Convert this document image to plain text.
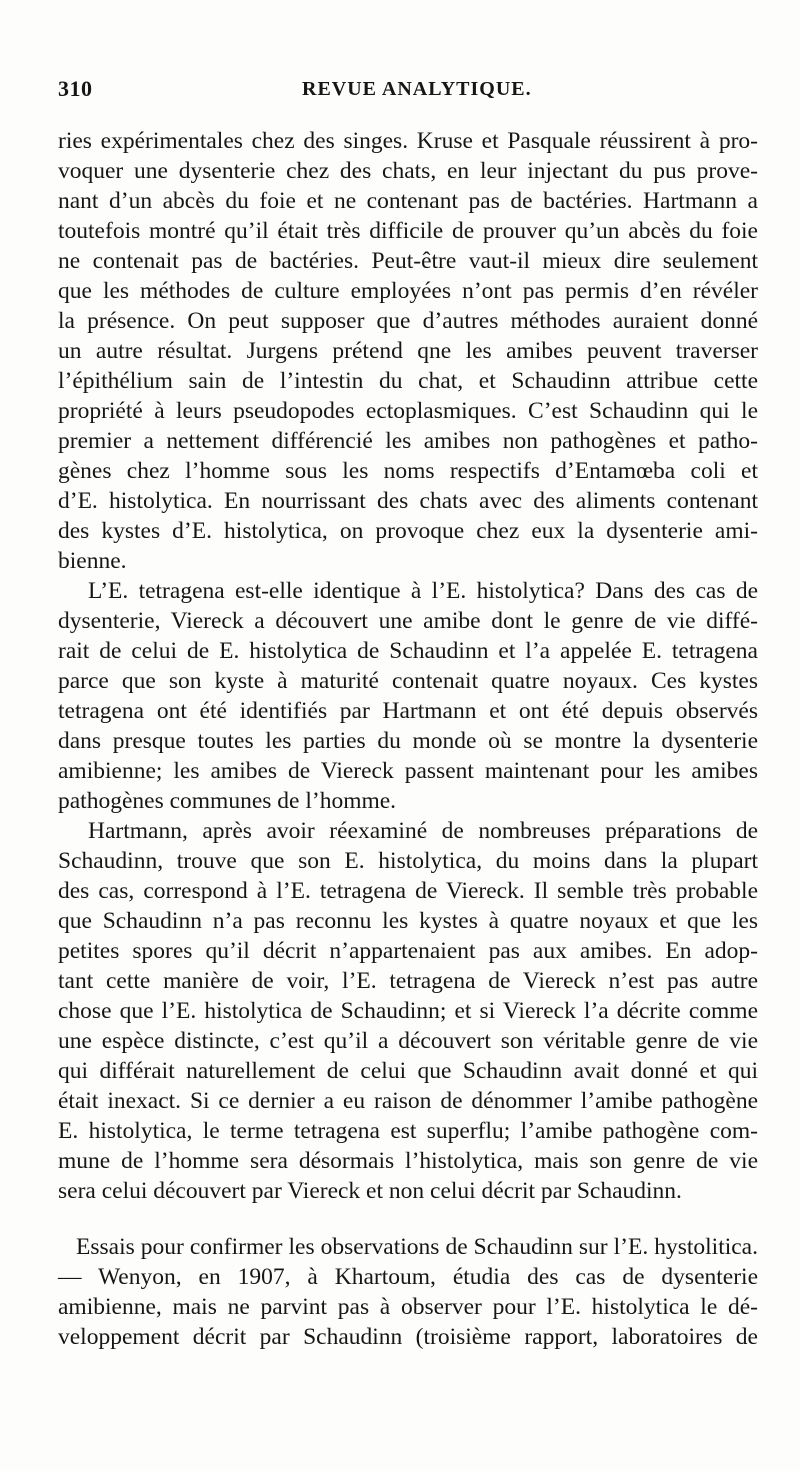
310	REVUE ANALYTIQUE.
ries expérimentales chez des singes. Kruse et Pasquale réussirent à pro-
voquer une dysenterie chez des chats, en leur injectant du pus prove-
nant d’un abcès du foie et ne contenant pas de bactéries. Hartmann a
toutefois montré qu’il était très difficile de prouver qu’un abcès du foie
ne contenait pas de bactéries. Peut-être vaut-il mieux dire seulement
que les méthodes de culture employées n’ont pas permis d’en révéler
la présence. On peut supposer que d’autres méthodes auraient donné
un autre résultat. Jurgens prétend qne les amibes peuvent traverser
l’épithélium sain de l’intestin du chat, et Schaudinn attribue cette
propriété à leurs pseudopodes ectoplasmiques. C’est Schaudinn qui le
premier a nettement différencié les amibes non pathogènes et patho-
gènes chez l’homme sous les noms respectifs d’Entamœba coli et
d’E. histolytica. En nourrissant des chats avec des aliments contenant
des kystes d’E. histolytica, on provoque chez eux la dysenterie ami-
bienne.
L’E. tetragena est-elle identique à l’E. histolytica? Dans des cas de
dysenterie, Viereck a découvert une amibe dont le genre de vie diffé-
rait de celui de E. histolytica de Schaudinn et l’a appelée E. tetragena
parce que son kyste à maturité contenait quatre noyaux. Ces kystes
tetragena ont été identifiés par Hartmann et ont été depuis observés
dans presque toutes les parties du monde où se montre la dysenterie
amibienne; les amibes de Viereck passent maintenant pour les amibes
pathogènes communes de l’homme.
Hartmann, après avoir réexaminé de nombreuses préparations de
Schaudinn, trouve que son E. histolytica, du moins dans la plupart
des cas, correspond à l’E. tetragena de Viereck. Il semble très probable
que Schaudinn n’a pas reconnu les kystes à quatre noyaux et que les
petites spores qu’il décrit n’appartenaient pas aux amibes. En adop-
tant cette manière de voir, l’E. tetragena de Viereck n’est pas autre
chose que l’E. histolytica de Schaudinn; et si Viereck l’a décrite comme
une espèce distincte, c’est qu’il a découvert son véritable genre de vie
qui différait naturellement de celui que Schaudinn avait donné et qui
était inexact. Si ce dernier a eu raison de dénommer l’amibe pathogène
E. histolytica, le terme tetragena est superflu; l’amibe pathogène com-
mune de l’homme sera désormais l’histolytica, mais son genre de vie
sera celui découvert par Viereck et non celui décrit par Schaudinn.
Essais pour confirmer les observations de Schaudinn sur l’E. hystolitica.
— Wenyon, en 1907, à Khartoum, étudia des cas de dysenterie
amibienne, mais ne parvint pas à observer pour l’E. histolytica le dé-
veloppement décrit par Schaudinn (troisième rapport, laboratoires de
